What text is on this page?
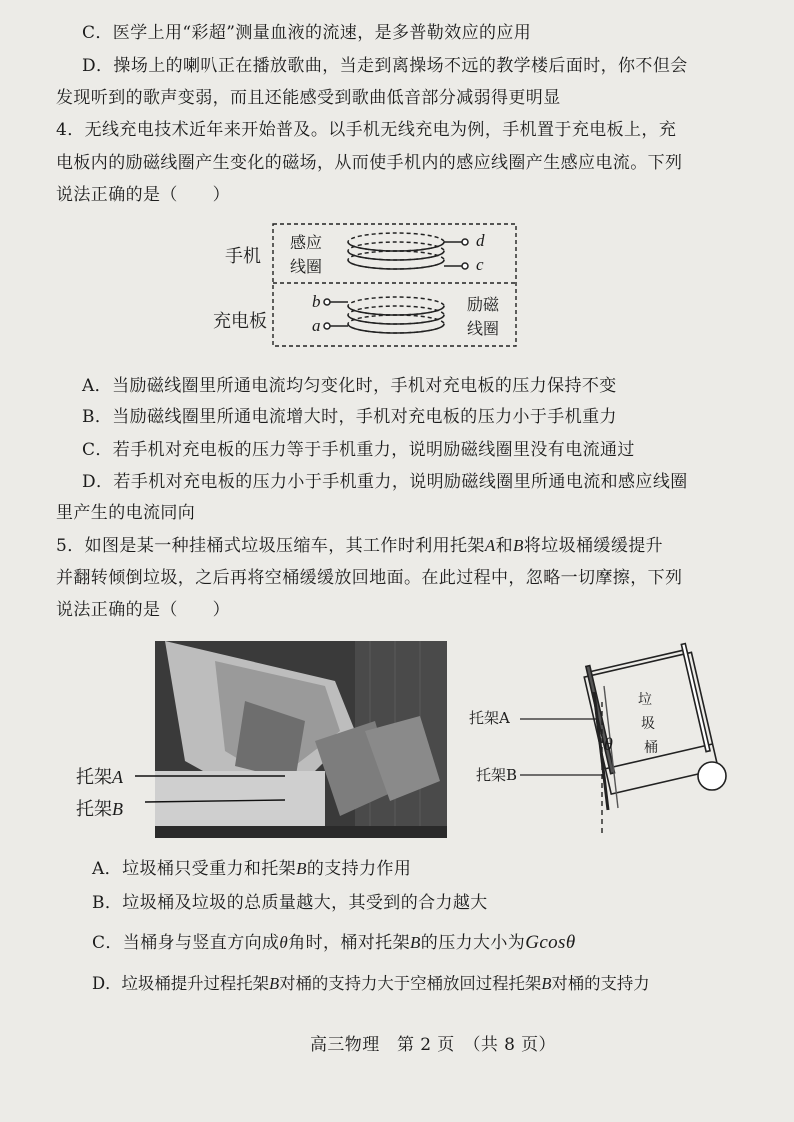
C．医学上用“彩超”测量血液的流速，是多普勒效应的应用
D．操场上的喇叭正在播放歌曲，当走到离操场不远的教学楼后面时，你不但会
发现听到的歌声变弱，而且还能感受到歌曲低音部分减弱得更明显
4．无线充电技术近年来开始普及。以手机无线充电为例，手机置于充电板上，充
电板内的励磁线圈产生变化的磁场，从而使手机内的感应线圈产生感应电流。下列
说法正确的是（　　）
手机
充电板
感应
线圈
励磁
线圈
d
c
b
a
A．当励磁线圈里所通电流均匀变化时，手机对充电板的压力保持不变
B．当励磁线圈里所通电流增大时，手机对充电板的压力小于手机重力
C．若手机对充电板的压力等于手机重力，说明励磁线圈里没有电流通过
D．若手机对充电板的压力小于手机重力，说明励磁线圈里所通电流和感应线圈
里产生的电流同向
5．如图是某一种挂桶式垃圾压缩车，其工作时利用托架A和B将垃圾桶缓缓提升
并翻转倾倒垃圾，之后再将空桶缓缓放回地面。在此过程中，忽略一切摩擦，下列
说法正确的是（　　）
托架A
托架B
托架A
托架B
垃
圾
桶
θ
A．垃圾桶只受重力和托架B的支持力作用
B．垃圾桶及垃圾的总质量越大，其受到的合力越大
C．当桶身与竖直方向成θ角时，桶对托架B的压力大小为Gcosθ
D．垃圾桶提升过程托架B对桶的支持力大于空桶放回过程托架B对桶的支持力
高三物理　第 2 页　（共 8 页）
